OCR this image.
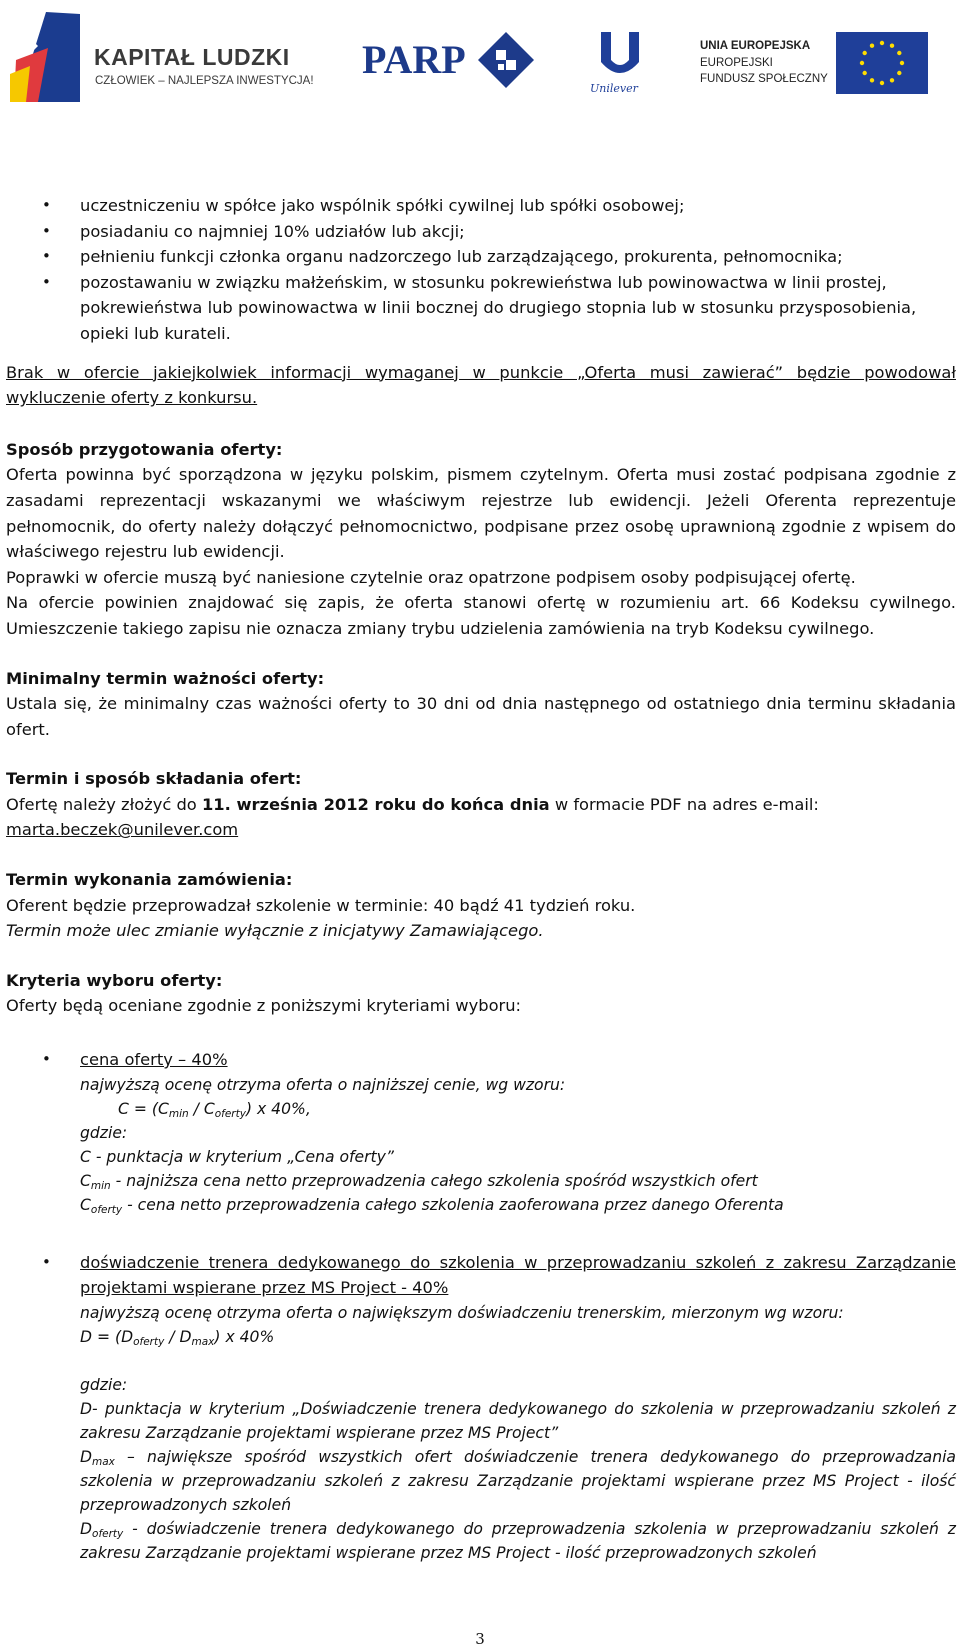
KAPITAŁ LUDZKI
CZŁOWIEK – NAJLEPSZA INWESTYCJA! PARP
Unilever
UNIA EUROPEJSKA
EUROPEJSKI
FUNDUSZ SPOŁECZNY
• uczestniczeniu w spółce jako wspólnik spółki cywilnej lub spółki osobowej;
• posiadaniu co najmniej 10% udziałów lub akcji;
• pełnieniu funkcji członka organu nadzorczego lub zarządzającego, prokurenta, pełnomocnika;
• pozostawaniu w związku małżeńskim, w stosunku pokrewieństwa lub powinowactwa w linii prostej, pokrewieństwa lub powinowactwa w linii bocznej do drugiego stopnia lub w stosunku przysposobienia, opieki lub kurateli.

Brak w ofercie jakiejkolwiek informacji wymaganej w punkcie „Oferta musi zawierać” będzie powodował wykluczenie oferty z konkursu.

Sposób przygotowania oferty:

Oferta powinna być sporządzona w języku polskim, pismem czytelnym. Oferta musi zostać podpisana zgodnie z zasadami reprezentacji wskazanymi we właściwym rejestrze lub ewidencji. Jeżeli Oferenta reprezentuje pełnomocnik, do oferty należy dołączyć pełnomocnictwo, podpisane przez osobę uprawnioną zgodnie z wpisem do właściwego rejestru lub ewidencji.

Poprawki w ofercie muszą być naniesione czytelnie oraz opatrzone podpisem osoby podpisującej ofertę.

Na ofercie powinien znajdować się zapis, że oferta stanowi ofertę w rozumieniu art. 66 Kodeksu cywilnego. Umieszczenie takiego zapisu nie oznacza zmiany trybu udzielenia zamówienia na tryb Kodeksu cywilnego.

Minimalny termin ważności oferty:

Ustala się, że minimalny czas ważności oferty to 30 dni od dnia następnego od ostatniego dnia terminu składania ofert.

Termin i sposób składania ofert:

Ofertę należy złożyć do 11. września 2012 roku do końca dnia w formacie PDF na adres e-mail:
marta.beczek@unilever.com

Termin wykonania zamówienia:

Oferent będzie przeprowadzał szkolenie w terminie: 40 bądź 41 tydzień roku.

Termin może ulec zmianie wyłącznie z inicjatywy Zamawiającego.

Kryteria wyboru oferty:

Oferty będą oceniane zgodnie z poniższymi kryteriami wyboru:

• cena oferty – 40%
najwyższą ocenę otrzyma oferta o najniższej cenie, wg wzoru:
$C = (C_{min} / C_{oferty})$ x 40%,
gdzie:
C - punktacja w kryterium „Cena oferty”
$C_{min}$ - najniższa cena netto przeprowadzenia całego szkolenia spośród wszystkich ofert
$C_{oferty}$ - cena netto przeprowadzenia całego szkolenia zaoferowana przez danego Oferenta
• doświadczenie trenera dedykowanego do szkolenia w przeprowadzaniu szkoleń z zakresu Zarządzanie projektami wspierane przez MS Project - 40%
najwyższą ocenę otrzyma oferta o największym doświadczeniu trenerskim, mierzonym wg wzoru:
$D = (D_{oferty} / D_{max})$ x 40%
gdzie:
D- punktacja w kryterium „Doświadczenie trenera dedykowanego do szkolenia w przeprowadzaniu szkoleń z zakresu Zarządzanie projektami wspierane przez MS Project”
$D_{max}$ – największe spośród wszystkich ofert doświadczenie trenera dedykowanego do przeprowadzania szkolenia w przeprowadzaniu szkoleń z zakresu Zarządzanie projektami wspierane przez MS Project - ilość przeprowadzonych szkoleń
$D_{oferty}$ - doświadczenie trenera dedykowanego do przeprowadzenia szkolenia w przeprowadzaniu szkoleń z zakresu Zarządzanie projektami wspierane przez MS Project - ilość przeprowadzonych szkoleń
3
